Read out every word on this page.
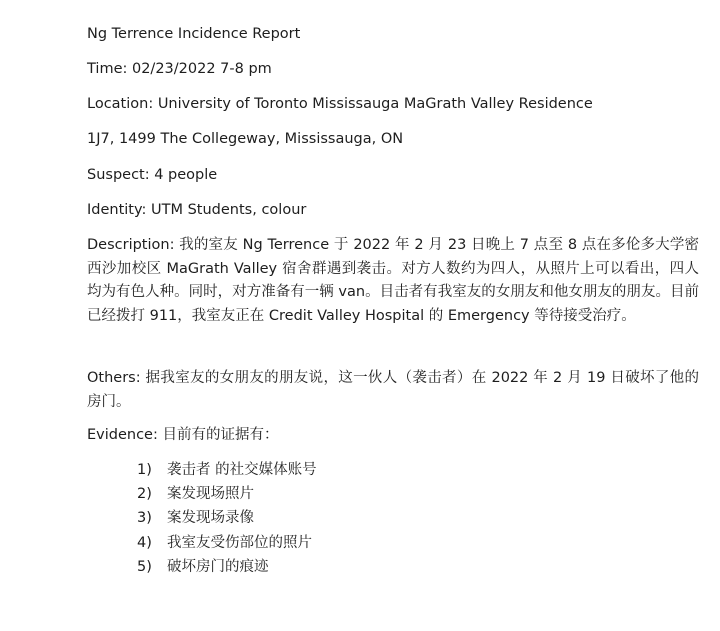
Ng Terrence Incidence Report
Time: 02/23/2022 7-8 pm
Location: University of Toronto Mississauga MaGrath Valley Residence
1J7, 1499 The Collegeway, Mississauga, ON
Suspect: 4 people
Identity: UTM Students, colour
Description: 我的室友 Ng Terrence 于 2022 年 2 月 23 日晚上 7 点至 8 点在多伦多大学密西沙加校区 MaGrath Valley 宿舍群遇到袭击。对方人数约为四人，从照片上可以看出，四人均为有色人种。同时，对方准备有一辆 van。目击者有我室友的女朋友和他女朋友的朋友。目前已经拨打 911，我室友正在 Credit Valley Hospital 的 Emergency 等待接受治疗。
Others: 据我室友的女朋友的朋友说，这一伙人（袭击者）在 2022 年 2 月 19 日破坏了他的房门。
Evidence: 目前有的证据有：
1) 袭击者 的社交媒体账号
2) 案发现场照片
3) 案发现场录像
4) 我室友受伤部位的照片
5) 破坏房门的痕迹
